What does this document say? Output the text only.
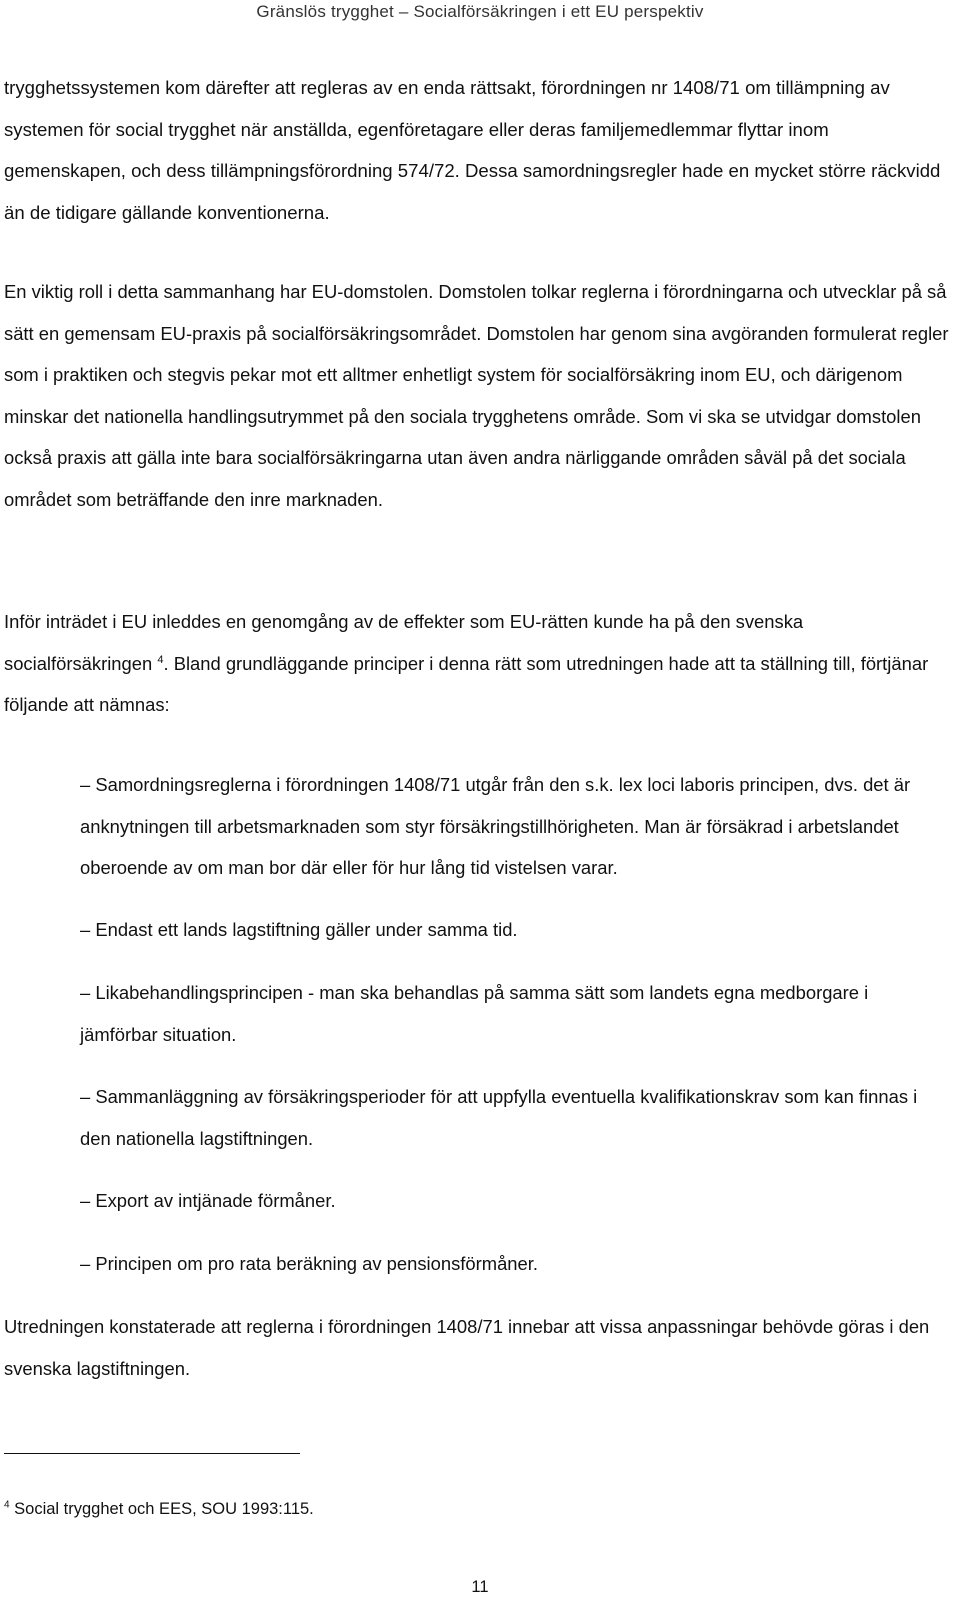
Gränslös trygghet – Socialförsäkringen i ett EU perspektiv

trygghetssystemen kom därefter att regleras av en enda rättsakt, förordningen nr 1408/71 om tillämpning av systemen för social trygghet när anställda, egenföretagare eller deras familjemedlemmar flyttar inom gemenskapen, och dess tillämpningsförordning 574/72. Dessa samordningsregler hade en mycket större räckvidd än de tidigare gällande konventionerna.

En viktig roll i detta sammanhang har EU-domstolen. Domstolen tolkar reglerna i förordningarna och utvecklar på så sätt en gemensam EU-praxis på socialförsäkringsområdet. Domstolen har genom sina avgöranden formulerat regler som i praktiken och stegvis pekar mot ett alltmer enhetligt system för socialförsäkring inom EU, och därigenom minskar det nationella handlingsutrymmet på den sociala trygghetens område. Som vi ska se utvidgar domstolen också praxis att gälla inte bara socialförsäkringarna utan även andra närliggande områden såväl på det sociala området som beträffande den inre marknaden.

Inför inträdet i EU inleddes en genomgång av de effekter som EU-rätten kunde ha på den svenska socialförsäkringen $^4$. Bland grundläggande principer i denna rätt som utredningen hade att ta ställning till, förtjänar följande att nämnas:

– Samordningsreglerna i förordningen 1408/71 utgår från den s.k. lex loci laboris principen, dvs. det är anknytningen till arbetsmarknaden som styr försäkringstillhörigheten. Man är försäkrad i arbetslandet oberoende av om man bor där eller för hur lång tid vistelsen varar.

– Endast ett lands lagstiftning gäller under samma tid.

– Likabehandlingsprincipen - man ska behandlas på samma sätt som landets egna medborgare i jämförbar situation.

– Sammanläggning av försäkringsperioder för att uppfylla eventuella kvalifikationskrav som kan finnas i den nationella lagstiftningen.

– Export av intjänade förmåner.

– Principen om pro rata beräkning av pensionsförmåner.

Utredningen konstaterade att reglerna i förordningen 1408/71 innebar att vissa anpassningar behövde göras i den svenska lagstiftningen.

$^4$ Social trygghet och EES, SOU 1993:115.
11
